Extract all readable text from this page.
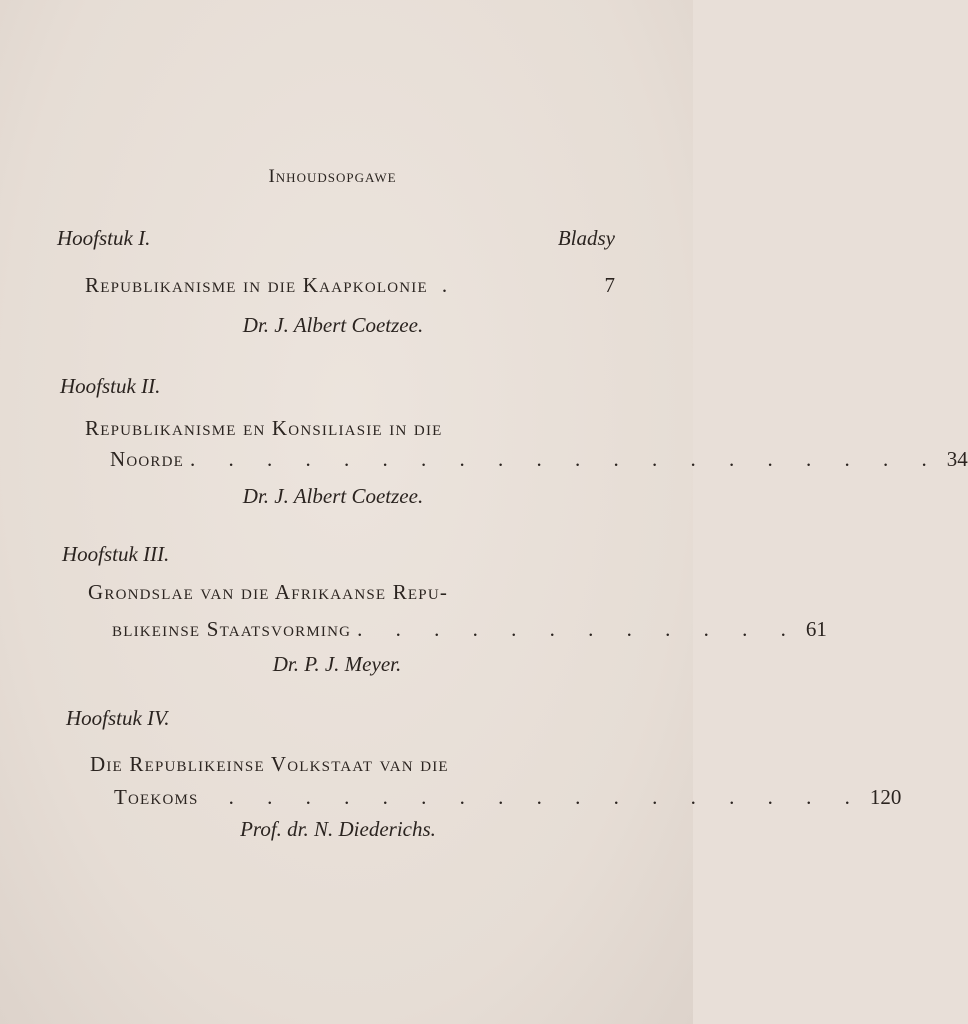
Inhoudsopgawe
Hoofstuk I.	Bladsy
Republikanisme in die Kaapkolonie .	7
Dr. J. Albert Coetzee.
Hoofstuk II.
Republikanisme en Konsiliasie in die
Noorde . . . . . . . . . . . . . . . . . . . . 34
Dr. J. Albert Coetzee.
Hoofstuk III.
Grondslae van die Afrikaanse Repu-
blikeinse Staatsvorming . . . . . . . . . . . . 61
Dr. P. J. Meyer.
Hoofstuk IV.
Die Republikeinse Volkstaat van die
Toekoms . . . . . . . . . . . . . . . . . 120
Prof. dr. N. Diederichs.
